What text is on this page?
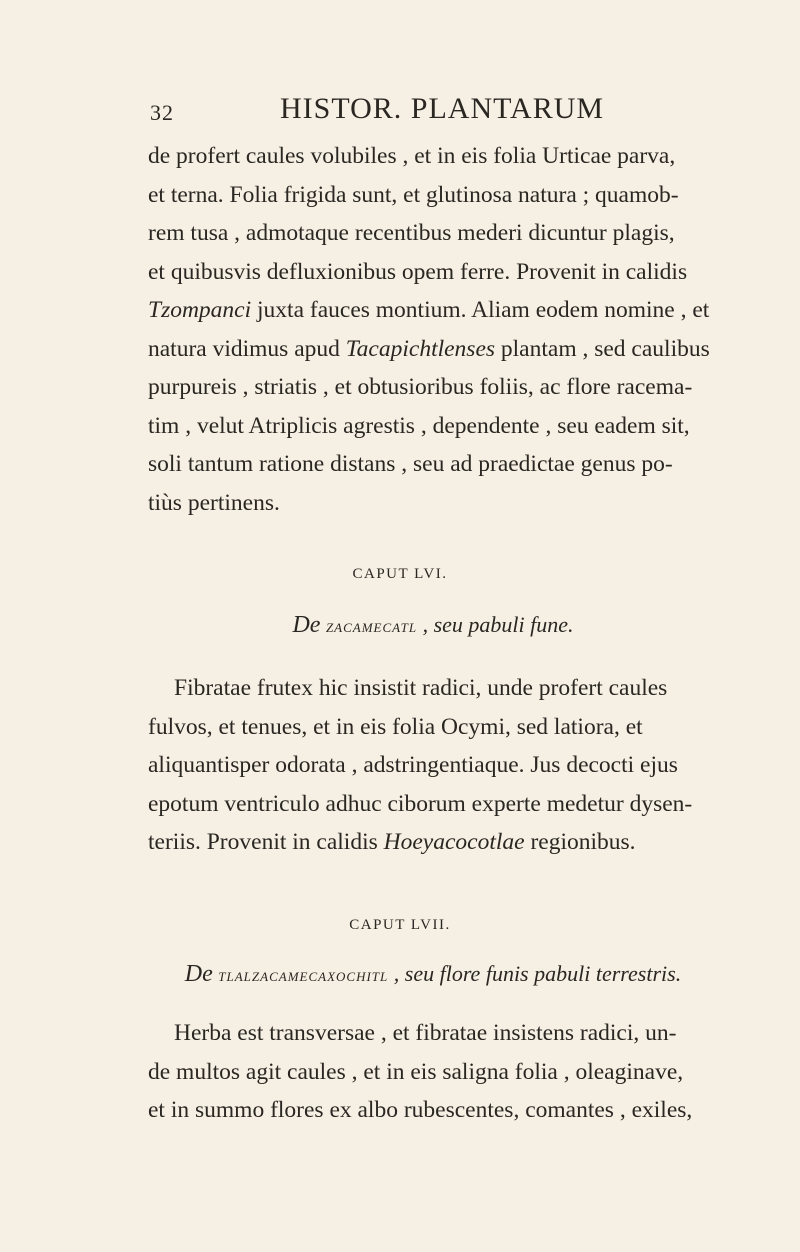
32	HISTOR. PLANTARUM
de profert caules volubiles , et in eis folia Urticae parva,
et terna. Folia frigida sunt, et glutinosa natura ; quamob-
rem tusa , admotaque recentibus mederi dicuntur plagis,
et quibusvis defluxionibus opem ferre. Provenit in calidis
Tzompanci juxta fauces montium. Aliam eodem nomine , et
natura vidimus apud Tacapichtlenses plantam , sed caulibus
purpureis , striatis , et obtusioribus foliis, ac flore racema-
tim , velut Atriplicis agrestis , dependente , seu eadem sit,
soli tantum ratione distans , seu ad praedictae genus po-
tiùs pertinens.
CAPUT LVI.
De zacamecatl , seu pabuli fune.
Fibratae frutex hic insistit radici, unde profert caules
fulvos, et tenues, et in eis folia Ocymi, sed latiora, et
aliquantisper odorata , adstringentiaque. Jus decocti ejus
epotum ventriculo adhuc ciborum experte medetur dysen-
teriis. Provenit in calidis Hoeyacocotlae regionibus.
CAPUT LVII.
De tlalzacamecaxochitl , seu flore funis pabuli terrestris.
Herba est transversae , et fibratae insistens radici, un-
de multos agit caules , et in eis saligna folia , oleaginave,
et in summo flores ex albo rubescentes, comantes , exiles,
